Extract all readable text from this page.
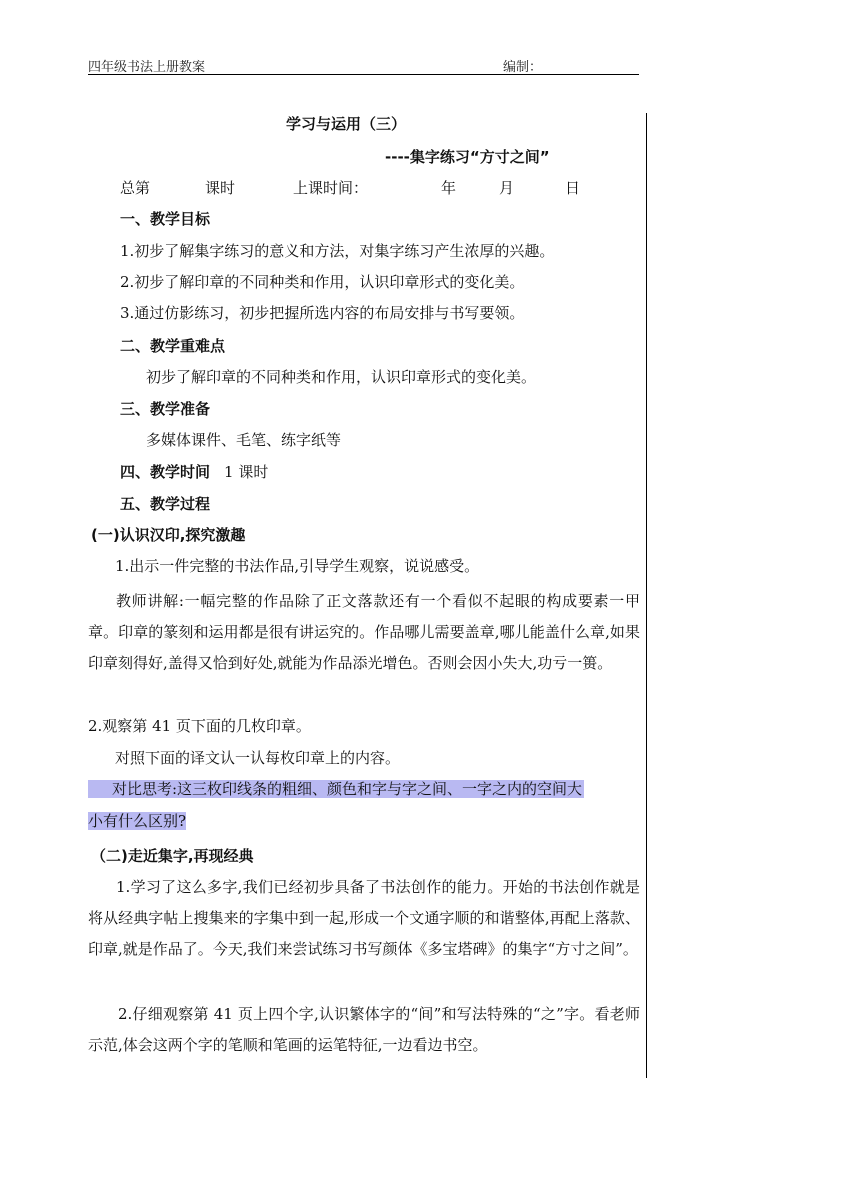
四年级书法上册教案	编制：
学习与运用（三）
----集字练习“方寸之间”
总第	课时	上课时间：	年	月	日
一、教学目标
1.初步了解集字练习的意义和方法，对集字练习产生浓厚的兴趣。
2.初步了解印章的不同种类和作用，认识印章形式的变化美。
3.通过仿影练习，初步把握所选内容的布局安排与书写要领。
二、教学重难点
初步了解印章的不同种类和作用，认识印章形式的变化美。
三、教学准备
多媒体课件、毛笔、练字纸等
四、教学时间 1 课时
五、教学过程
(一)认识汉印,探究激趣
1.出示一件完整的书法作品,引导学生观察，说说感受。
教师讲解:一幅完整的作品除了正文落款还有一个看似不起眼的构成要素一甲章。印章的篆刻和运用都是很有讲运究的。作品哪儿需要盖章,哪儿能盖什么章,如果印章刻得好,盖得又恰到好处,就能为作品添光增色。否则会因小失大,功亏一篑。
2.观察第 41 页下面的几枚印章。
对照下面的译文认一认每枚印章上的内容。
对比思考:这三枚印线条的粗细、颜色和字与字之间、一字之内的空间大
小有什么区别?
（二)走近集字,再现经典
1.学习了这么多字,我们已经初步具备了书法创作的能力。开始的书法创作就是将从经典字帖上搜集来的字集中到一起,形成一个文通字顺的和谐整体,再配上落款、印章,就是作品了。今天,我们来尝试练习书写颜体《多宝塔碑》的集字“方寸之间”。
2.仔细观察第 41 页上四个字,认识繁体字的“间”和写法特殊的“之”字。看老师示范,体会这两个字的笔顺和笔画的运笔特征,一边看边书空。
